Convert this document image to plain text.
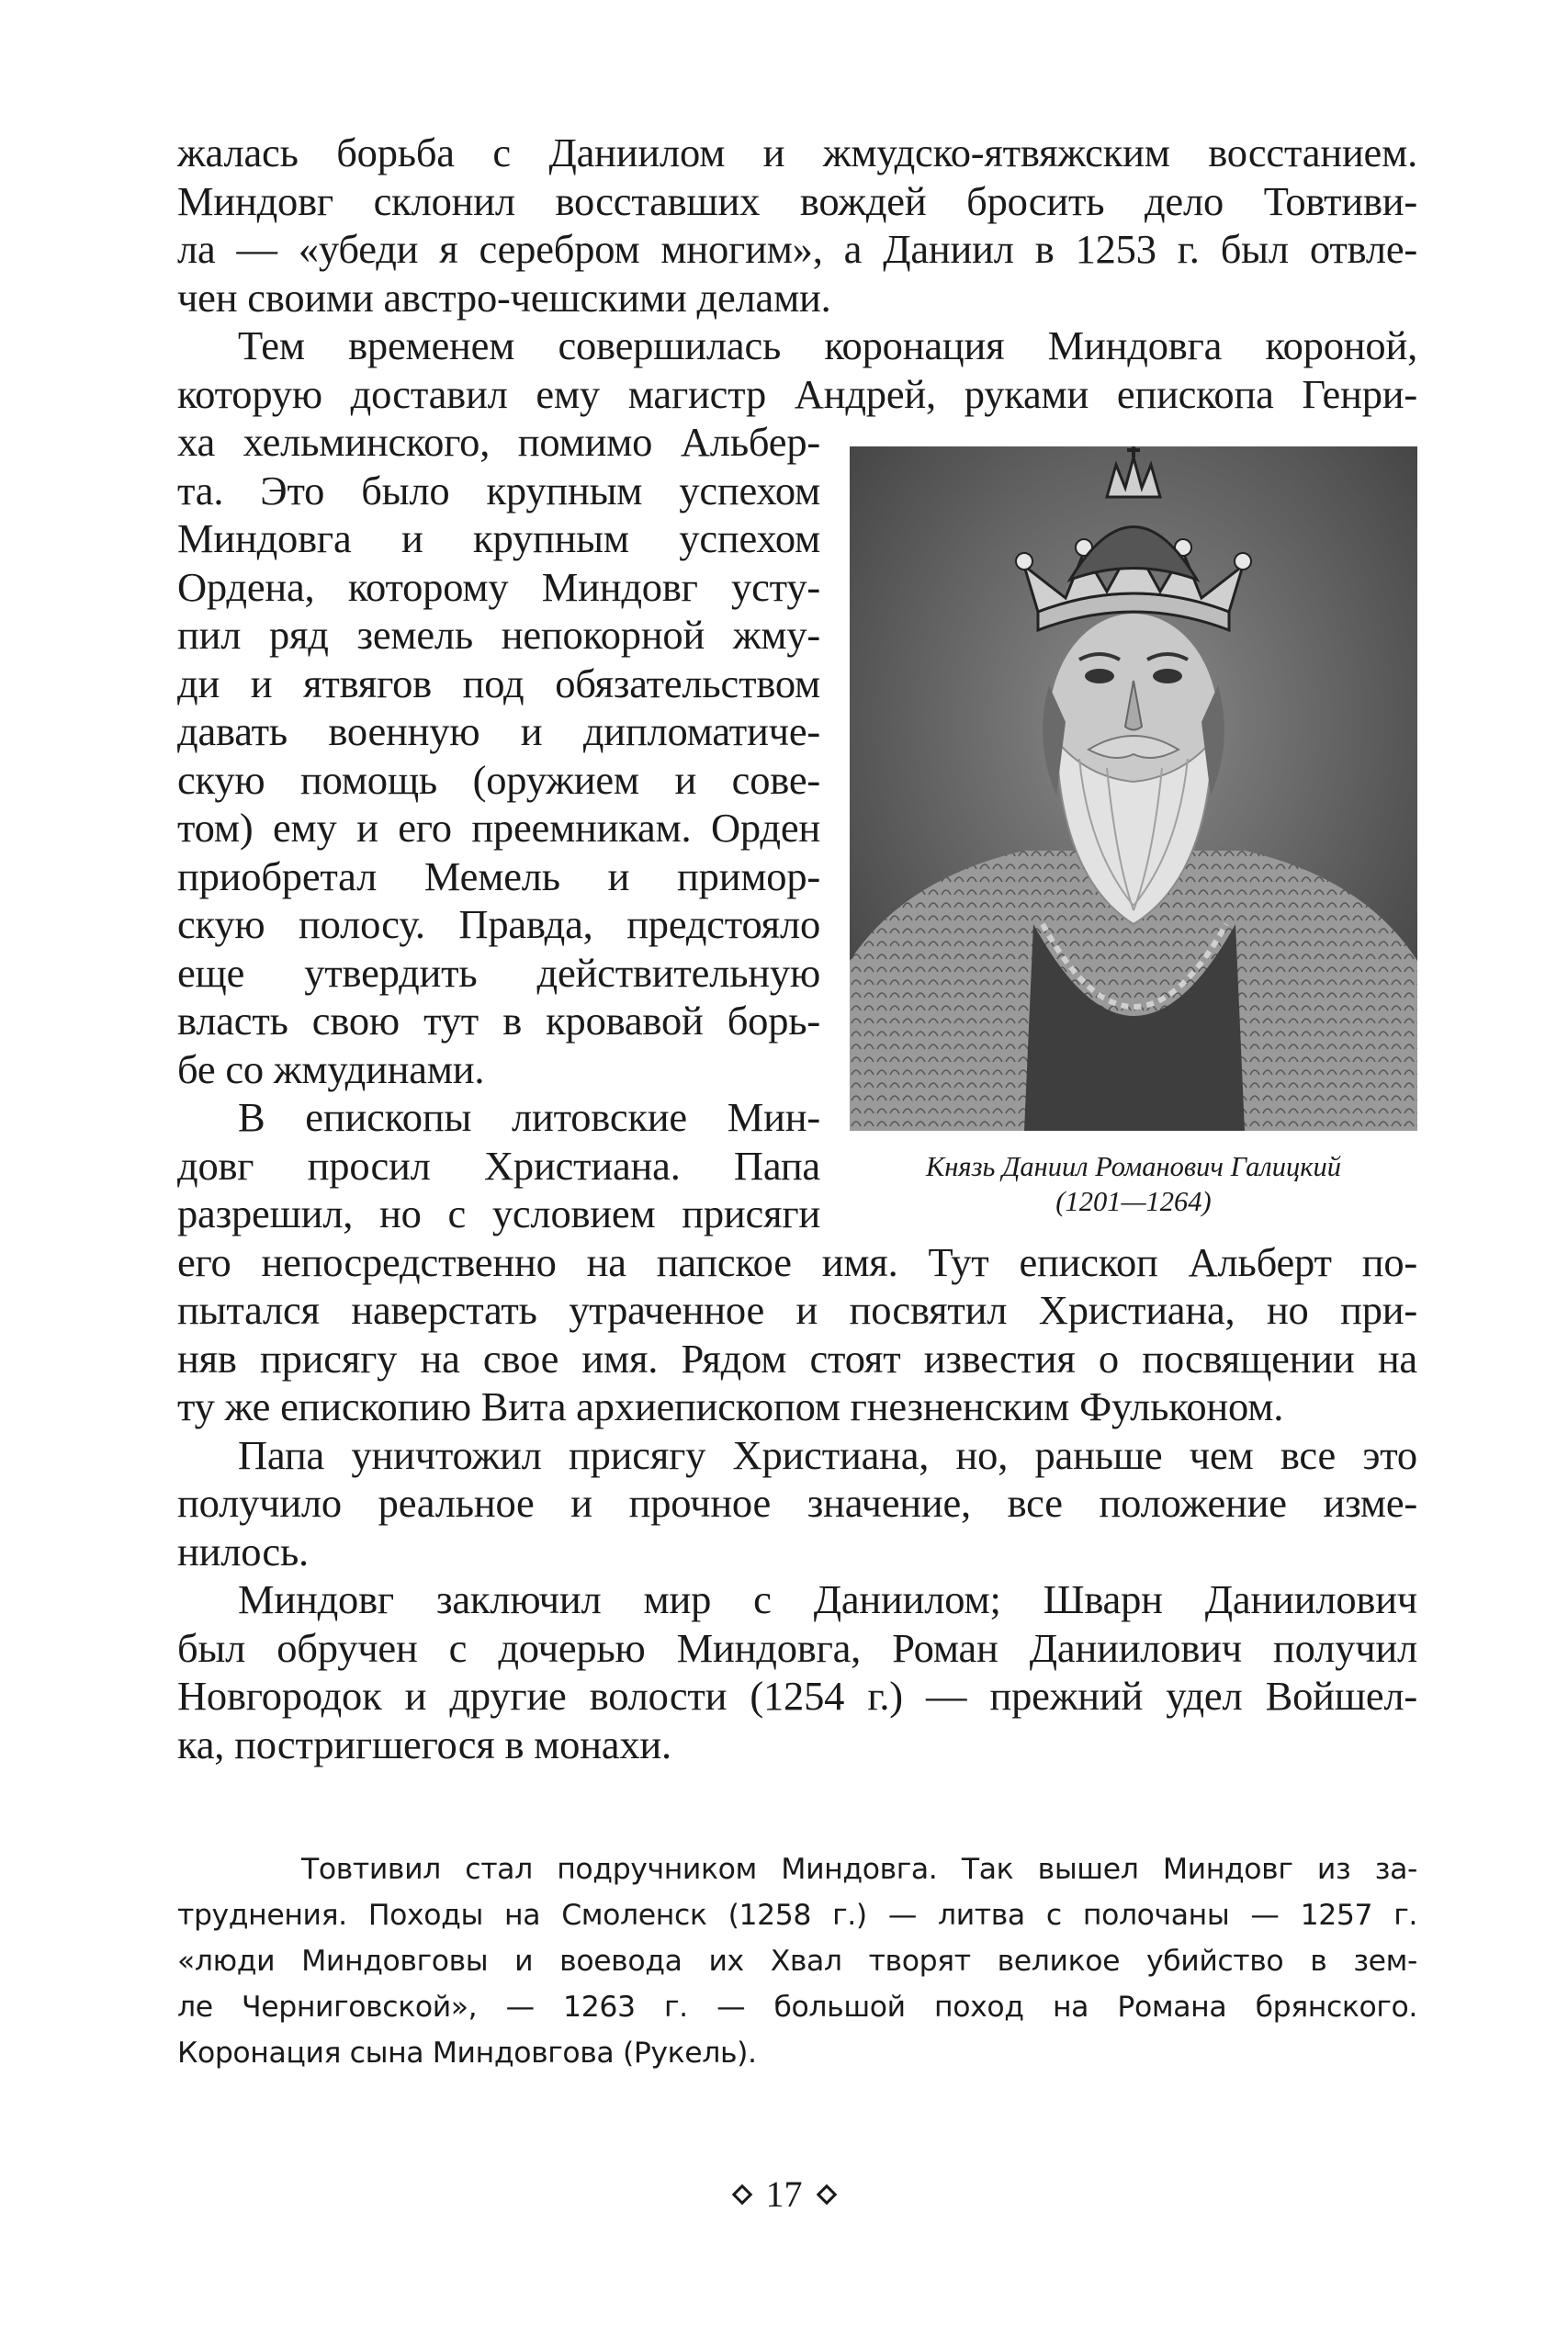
жалась борьба с Даниилом и жмудско-ятвяжским восстанием.
Миндовг склонил восставших вождей бросить дело Товтиви-
ла — «убеди я серебром многим», а Даниил в 1253 г. был отвле-
чен своими австро-чешскими делами.

Тем временем совершилась коронация Миндовга короной,
которую доставил ему магистр Андрей, руками епископа Генри-
ха хельминского, помимо Альбер-
та. Это было крупным успехом
Миндовга и крупным успехом
Ордена, которому Миндовг усту-
пил ряд земель непокорной жму-
ди и ятвягов под обязательством
давать военную и дипломатиче-
скую помощь (оружием и сове-
том) ему и его преемникам. Орден
приобретал Мемель и примор-
скую полосу. Правда, предстояло
еще утвердить действительную
власть свою тут в кровавой борь-
бе со жмудинами.

В епископы литовские Мин-
довг просил Христиана. Папа
разрешил, но с условием присяги

его непосредственно на папское имя. Тут епископ Альберт по-
пытался наверстать утраченное и посвятил Христиана, но при-
няв присягу на свое имя. Рядом стоят известия о посвящении на
ту же епископию Вита архиепископом гнезненским Фульконом.

Папа уничтожил присягу Христиана, но, раньше чем все это
получило реальное и прочное значение, все положение изме-
нилось.

Миндовг заключил мир с Даниилом; Шварн Даниилович
был обручен с дочерью Миндовга, Роман Даниилович получил
Новгородок и другие волости (1254 г.) — прежний удел Войшел-
ка, постригшегося в монахи.

Князь Даниил Романович Галицкий
(1201—1264)
Товтивил стал подручником Миндовга. Так вышел Миндовг из за-
труднения. Походы на Смоленск (1258 г.) — литва с полочаны — 1257 г.
«люди Миндовговы и воевода их Хвал творят великое убийство в зем-
ле Черниговской», — 1263 г. — большой поход на Романа брянского.
Коронация сына Миндовгова (Рукель).
17
